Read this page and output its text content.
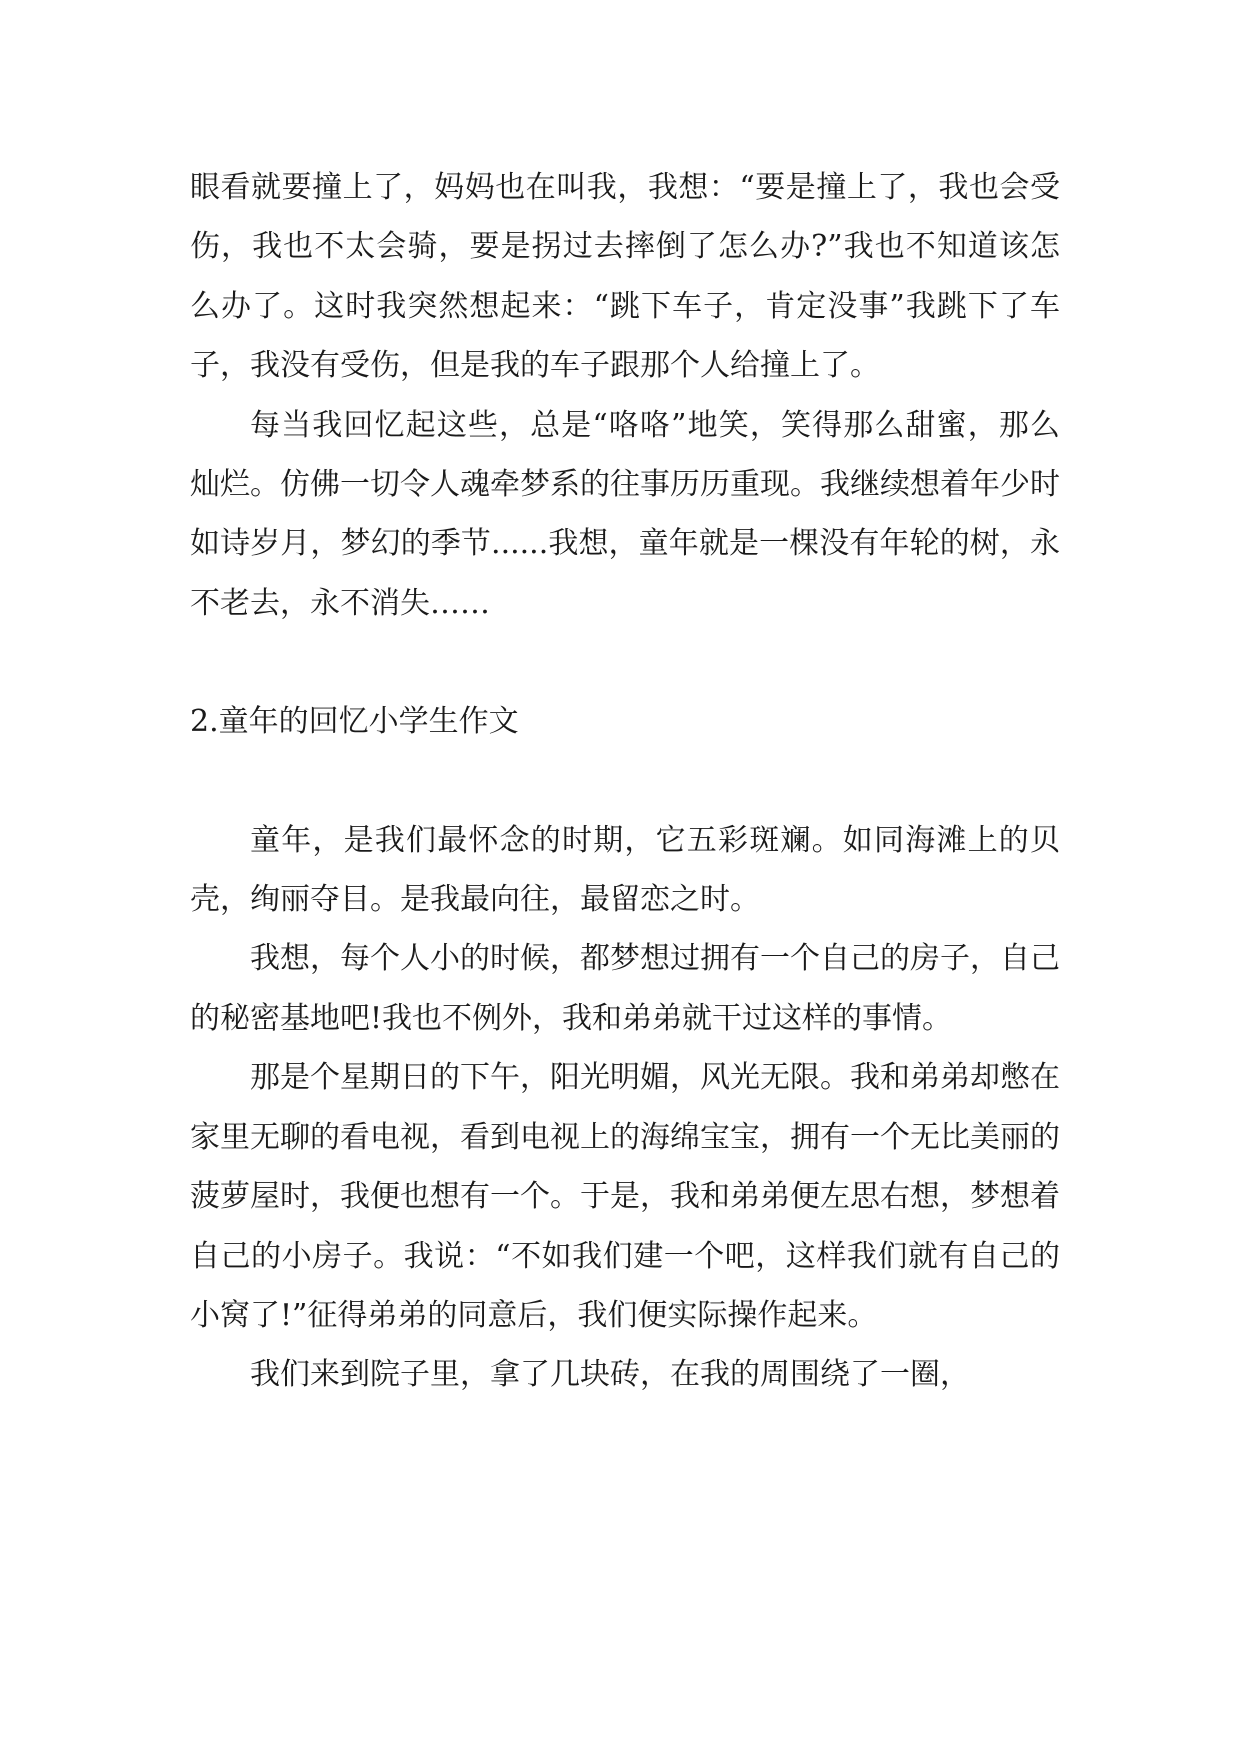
眼看就要撞上了，妈妈也在叫我，我想：“要是撞上了，我也会受伤，我也不太会骑，要是拐过去摔倒了怎么办?”我也不知道该怎么办了。这时我突然想起来：“跳下车子，肯定没事”我跳下了车子，我没有受伤，但是我的车子跟那个人给撞上了。

每当我回忆起这些，总是“咯咯”地笑，笑得那么甜蜜，那么灿烂。仿佛一切令人魂牵梦系的往事历历重现。我继续想着年少时如诗岁月，梦幻的季节......我想，童年就是一棵没有年轮的树，永不老去，永不消失……

2.童年的回忆小学生作文

童年，是我们最怀念的时期，它五彩斑斓。如同海滩上的贝壳，绚丽夺目。是我最向往，最留恋之时。

我想，每个人小的时候，都梦想过拥有一个自己的房子，自己的秘密基地吧!我也不例外，我和弟弟就干过这样的事情。

那是个星期日的下午，阳光明媚，风光无限。我和弟弟却憋在家里无聊的看电视，看到电视上的海绵宝宝，拥有一个无比美丽的菠萝屋时，我便也想有一个。于是，我和弟弟便左思右想，梦想着自己的小房子。我说：“不如我们建一个吧，这样我们就有自己的小窝了!”征得弟弟的同意后，我们便实际操作起来。

我们来到院子里，拿了几块砖，在我的周围绕了一圈，
